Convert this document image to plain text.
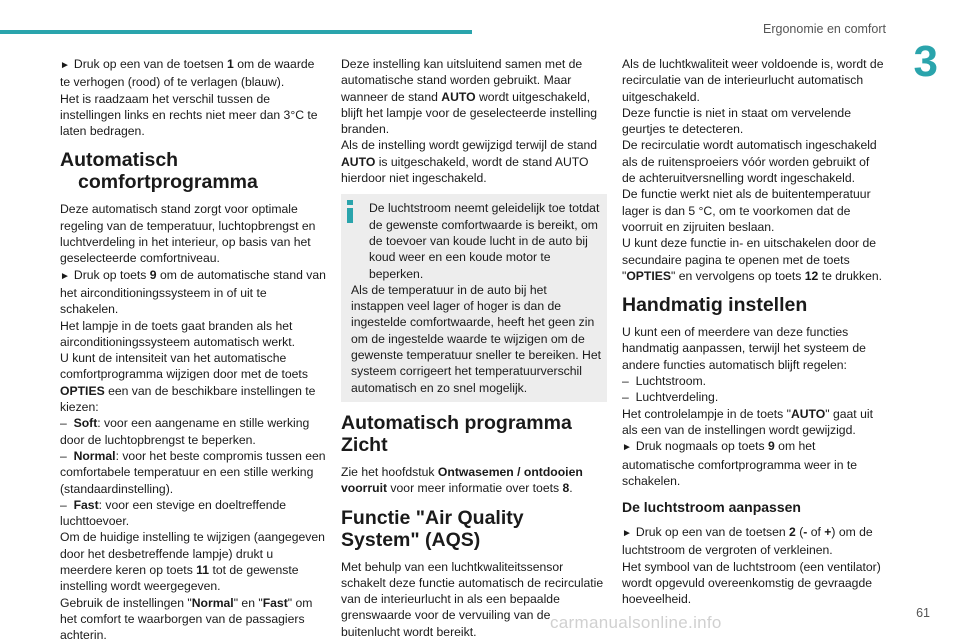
Ergonomie en comfort
3
61

► Druk op een van de toetsen 1 om de waarde te verhogen (rood) of te verlagen (blauw).

Het is raadzaam het verschil tussen de instellingen links en rechts niet meer dan 3°C te laten bedragen.

Automatisch comfortprogramma

Deze automatisch stand zorgt voor optimale regeling van de temperatuur, luchtopbrengst en luchtverdeling in het interieur, op basis van het geselecteerde comfortniveau.

► Druk op toets 9 om de automatische stand van het airconditioningssysteem in of uit te schakelen.

Het lampje in de toets gaat branden als het airconditioningssysteem automatisch werkt.

U kunt de intensiteit van het automatische comfortprogramma wijzigen door met de toets OPTIES een van de beschikbare instellingen te kiezen:

–  Soft: voor een aangename en stille werking door de luchtopbrengst te beperken.

–  Normal: voor het beste compromis tussen een comfortabele temperatuur en een stille werking (standaardinstelling).

–  Fast: voor een stevige en doeltreffende luchttoevoer.

Om de huidige instelling te wijzigen (aangegeven door het desbetreffende lampje) drukt u meerdere keren op toets 11 tot de gewenste instelling wordt weergegeven.

Gebruik de instellingen "Normal" en "Fast" om het comfort te waarborgen van de passagiers achterin.

Deze instelling kan uitsluitend samen met de automatische stand worden gebruikt. Maar wanneer de stand AUTO wordt uitgeschakeld, blijft het lampje voor de geselecteerde instelling branden.

Als de instelling wordt gewijzigd terwijl de stand AUTO is uitgeschakeld, wordt de stand AUTO hierdoor niet ingeschakeld.

De luchtstroom neemt geleidelijk toe totdat de gewenste comfortwaarde is bereikt, om de toevoer van koude lucht in de auto bij koud weer en een koude motor te beperken.

Als de temperatuur in de auto bij het instappen veel lager of hoger is dan de ingestelde comfortwaarde, heeft het geen zin om de ingestelde waarde te wijzigen om de gewenste temperatuur sneller te bereiken. Het systeem corrigeert het temperatuurverschil automatisch en zo snel mogelijk.

Automatisch programma Zicht

Zie het hoofdstuk Ontwasemen / ontdooien voorruit voor meer informatie over toets 8.

Functie "Air Quality System" (AQS)

Met behulp van een luchtkwaliteitssensor schakelt deze functie automatisch de recirculatie van de interieurlucht in als een bepaalde grenswaarde voor de vervuiling van de buitenlucht wordt bereikt.

Als de luchtkwaliteit weer voldoende is, wordt de recirculatie van de interieurlucht automatisch uitgeschakeld.

Deze functie is niet in staat om vervelende geurtjes te detecteren.

De recirculatie wordt automatisch ingeschakeld als de ruitensproeiers vóór worden gebruikt of de achteruitversnelling wordt ingeschakeld.

De functie werkt niet als de buitentemperatuur lager is dan 5 °C, om te voorkomen dat de voorruit en zijruiten beslaan.

U kunt deze functie in- en uitschakelen door de secundaire pagina te openen met de toets "OPTIES" en vervolgens op toets 12 te drukken.

Handmatig instellen

U kunt een of meerdere van deze functies handmatig aanpassen, terwijl het systeem de andere functies automatisch blijft regelen:

–  Luchtstroom.

–  Luchtverdeling.

Het controlelampje in de toets "AUTO" gaat uit als een van de instellingen wordt gewijzigd.

► Druk nogmaals op toets 9 om het automatische comfortprogramma weer in te schakelen.

De luchtstroom aanpassen

► Druk op een van de toetsen 2 (- of +) om de luchtstroom de vergroten of verkleinen.

Het symbool van de luchtstroom (een ventilator) wordt opgevuld overeenkomstig de gevraagde hoeveelheid.

carmanualsonline.info
